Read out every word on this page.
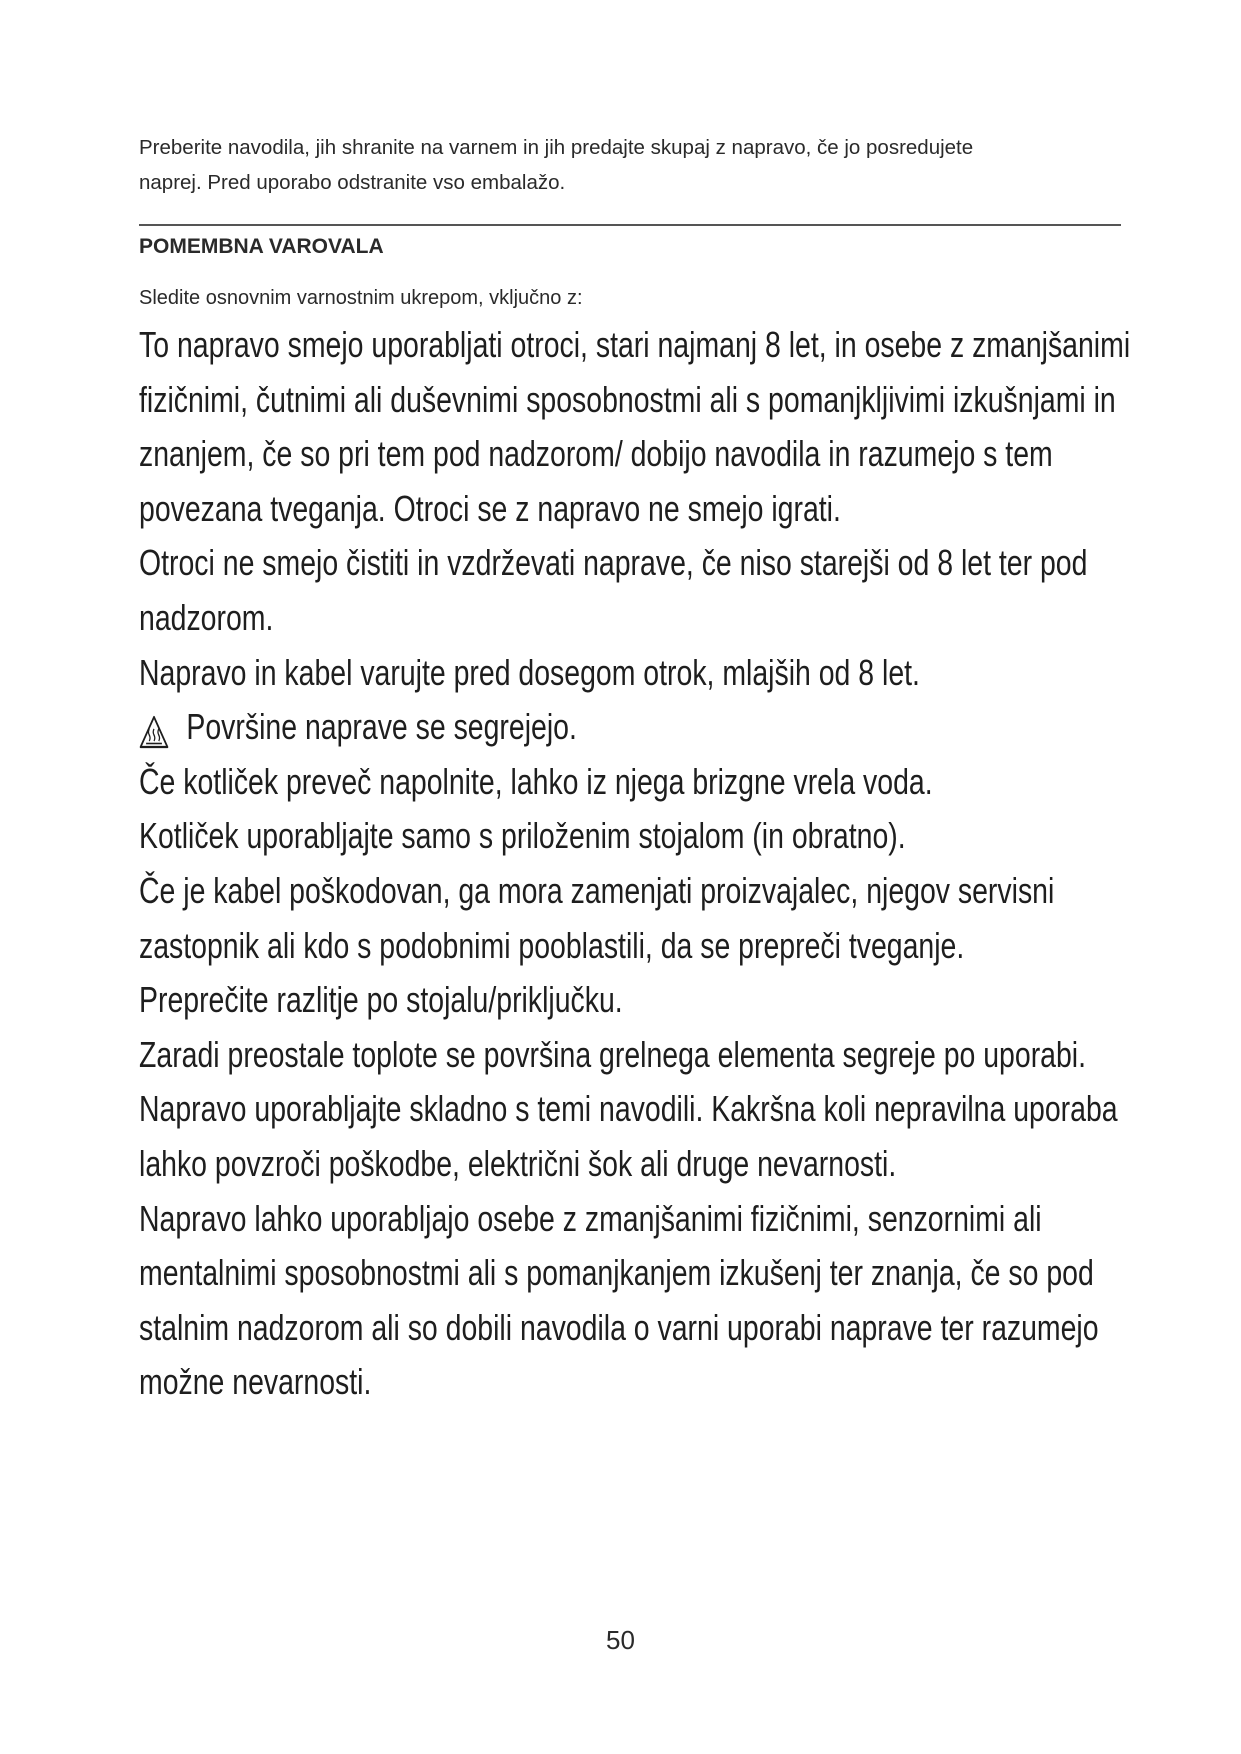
Preberite navodila, jih shranite na varnem in jih predajte skupaj z napravo, če jo posredujete

naprej. Pred uporabo odstranite vso embalažo.

POMEMBNA VAROVALA

Sledite osnovnim varnostnim ukrepom, vključno z:

To napravo smejo uporabljati otroci, stari najmanj 8 let, in osebe z zmanjšanimi fizičnimi, čutnimi ali duševnimi sposobnostmi ali s pomanjkljivimi izkušnjami in znanjem, če so pri tem pod nadzorom/ dobijo navodila in razumejo s tem povezana tveganja. Otroci se z napravo ne smejo igrati.

Otroci ne smejo čistiti in vzdrževati naprave, če niso starejši od 8 let ter pod nadzorom.

Napravo in kabel varujte pred dosegom otrok, mlajših od 8 let.

Površine naprave se segrejejo.

Če kotliček preveč napolnite, lahko iz njega brizgne vrela voda.

Kotliček uporabljajte samo s priloženim stojalom (in obratno).

Če je kabel poškodovan, ga mora zamenjati proizvajalec, njegov servisni zastopnik ali kdo s podobnimi pooblastili, da se prepreči tveganje.

Preprečite razlitje po stojalu/priključku.

Zaradi preostale toplote se površina grelnega elementa segreje po uporabi.

Napravo uporabljajte skladno s temi navodili. Kakršna koli nepravilna uporaba lahko povzroči poškodbe, električni šok ali druge nevarnosti.

Napravo lahko uporabljajo osebe z zmanjšanimi fizičnimi, senzornimi ali mentalnimi sposobnostmi ali s pomanjkanjem izkušenj ter znanja, če so pod stalnim nadzorom ali so dobili navodila o varni uporabi naprave ter razumejo možne nevarnosti.

50
